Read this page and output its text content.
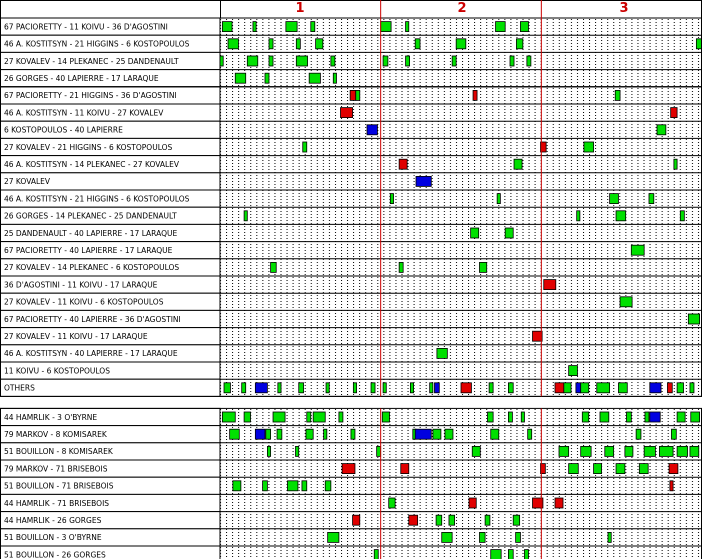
1	2	3
67 PACIORETTY - 11 KOIVU - 36 D'AGOSTINI
46 A. KOSTITSYN - 21 HIGGINS - 6 KOSTOPOULOS
27 KOVALEV - 14 PLEKANEC - 25 DANDENAULT
26 GORGES - 40 LAPIERRE - 17 LARAQUE
67 PACIORETTY - 21 HIGGINS - 36 D'AGOSTINI
46 A. KOSTITSYN - 11 KOIVU - 27 KOVALEV
6 KOSTOPOULOS - 40 LAPIERRE
27 KOVALEV - 21 HIGGINS - 6 KOSTOPOULOS
46 A. KOSTITSYN - 14 PLEKANEC - 27 KOVALEV
27 KOVALEV
46 A. KOSTITSYN - 21 HIGGINS - 6 KOSTOPOULOS
26 GORGES - 14 PLEKANEC - 25 DANDENAULT
25 DANDENAULT - 40 LAPIERRE - 17 LARAQUE
67 PACIORETTY - 40 LAPIERRE - 17 LARAQUE
27 KOVALEV - 14 PLEKANEC - 6 KOSTOPOULOS
36 D'AGOSTINI - 11 KOIVU - 17 LARAQUE
27 KOVALEV - 11 KOIVU - 6 KOSTOPOULOS
67 PACIORETTY - 40 LAPIERRE - 36 D'AGOSTINI
27 KOVALEV - 11 KOIVU - 17 LARAQUE
46 A. KOSTITSYN - 40 LAPIERRE - 17 LARAQUE
11 KOIVU - 6 KOSTOPOULOS
OTHERS
44 HAMRLIK - 3 O'BYRNE
79 MARKOV - 8 KOMISAREK
51 BOUILLON - 8 KOMISAREK
79 MARKOV - 71 BRISEBOIS
51 BOUILLON - 71 BRISEBOIS
44 HAMRLIK - 71 BRISEBOIS
44 HAMRLIK - 26 GORGES
51 BOUILLON - 3 O'BYRNE
51 BOUILLON - 26 GORGES
